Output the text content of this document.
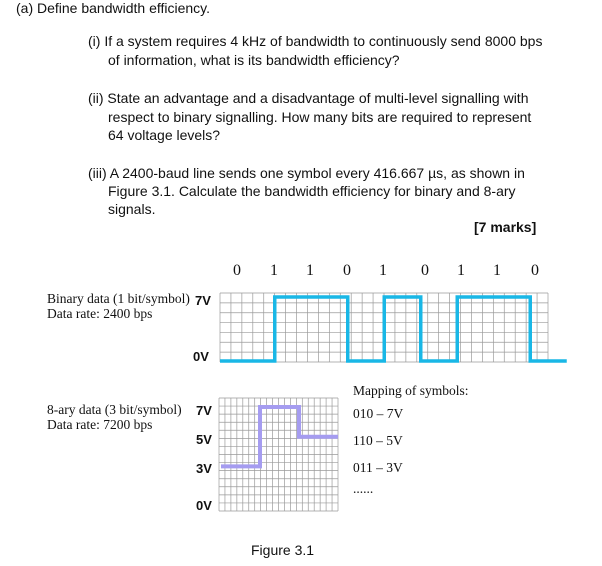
(a) Define bandwidth efficiency.
(i) If a system requires 4 kHz of bandwidth to continuously send 8000 bps
of information, what is its bandwidth efficiency?
(ii) State an advantage and a disadvantage of multi-level signalling with
respect to binary signalling. How many bits are required to represent
64 voltage levels?
(iii) A 2400-baud line sends one symbol every 416.667 µs, as shown in
Figure 3.1. Calculate the bandwidth efficiency for binary and 8-ary
signals.
[7 marks]
0 1 1 0 1 0 1 1 0
Binary data (1 bit/symbol)
Data rate: 2400 bps
7V
0V
8-ary data (3 bit/symbol)
Data rate: 7200 bps
7V
5V
3V
0V
Mapping of symbols:
010 – 7V
110 – 5V
011 – 3V
......
Figure 3.1
